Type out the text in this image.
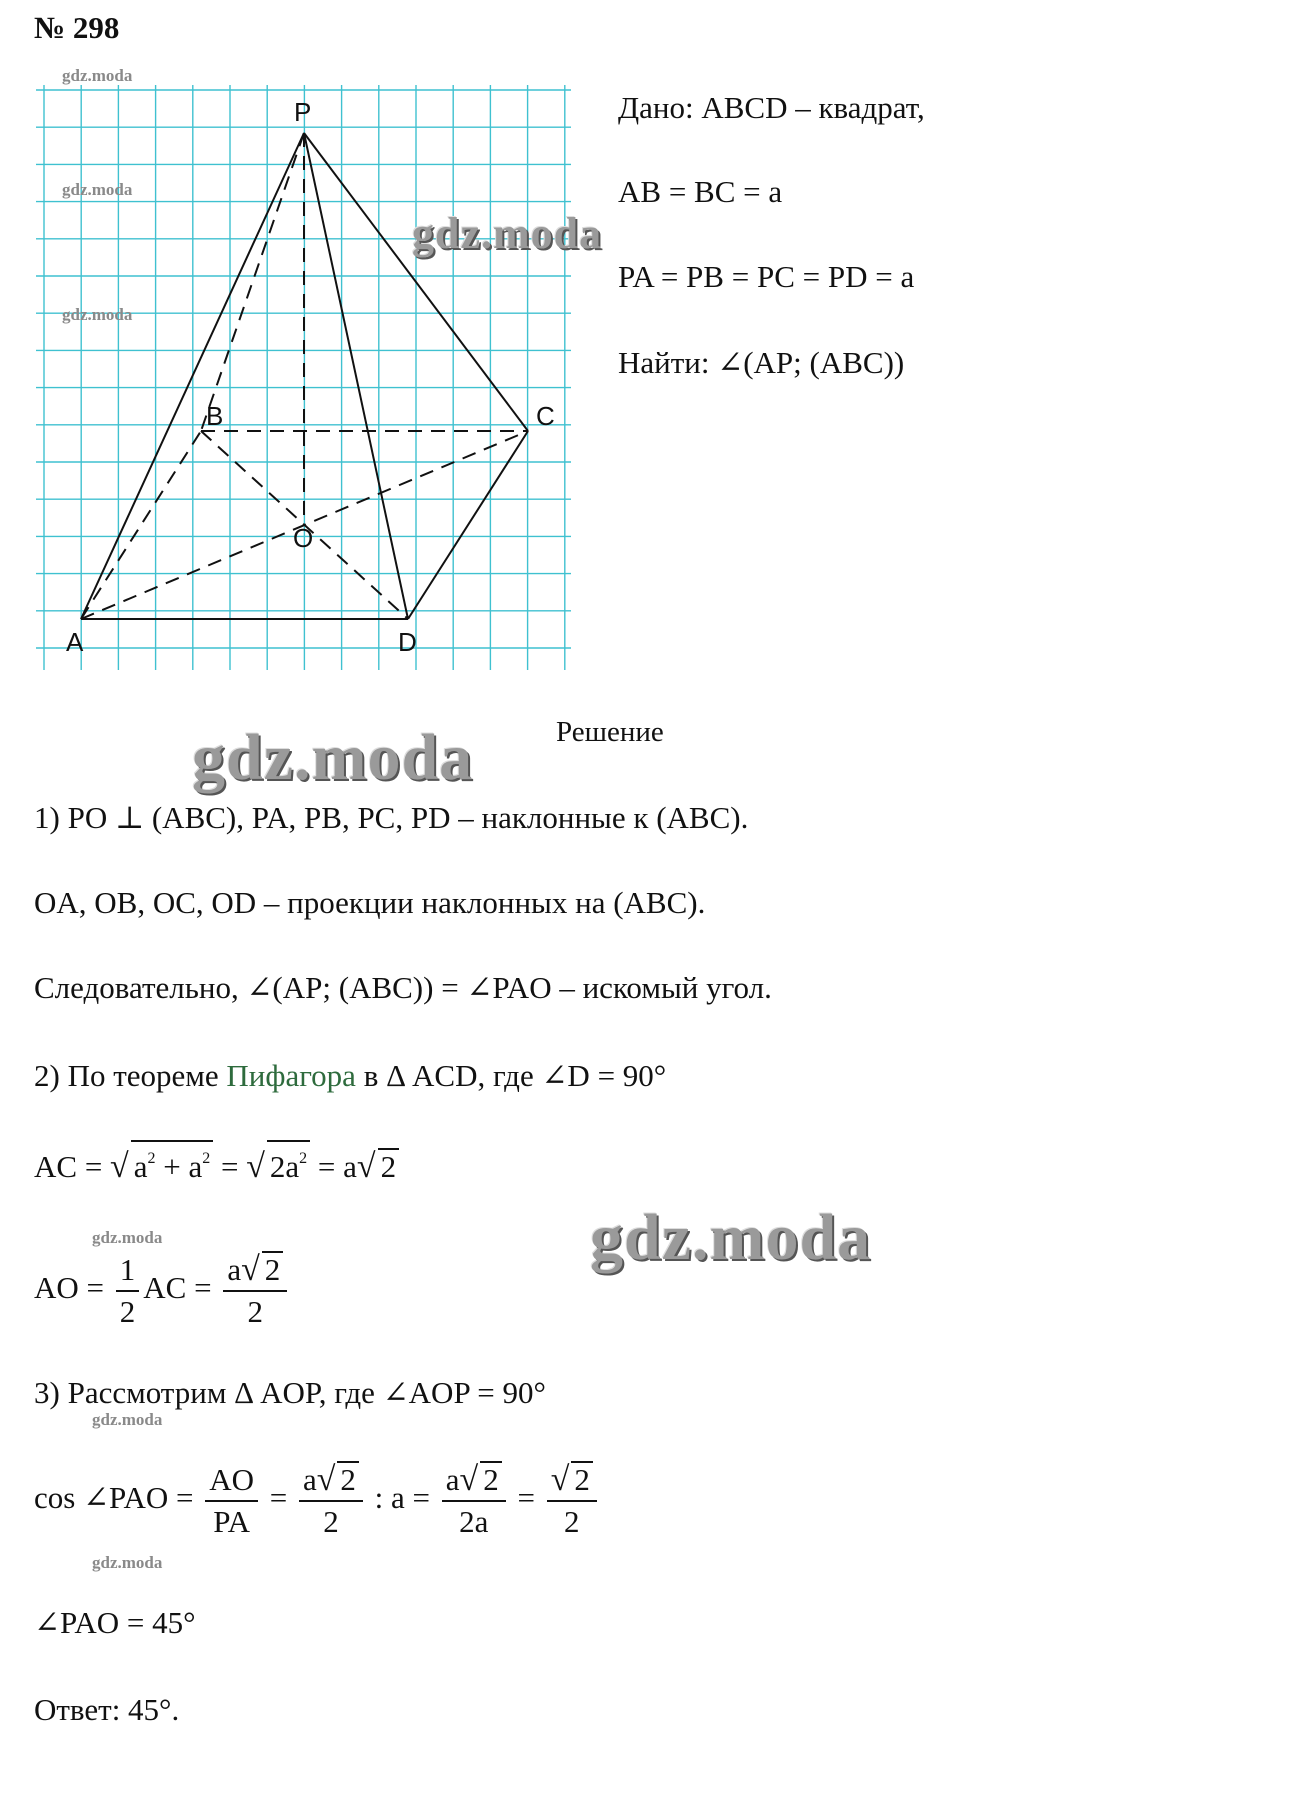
№ 298
P
A
B	C
D
O
gdz.moda
gdz.moda
gdz.moda
gdz.moda
Дано: ABCD – квадрат,
AB = BC = a
PA = PB = PC = PD = a
Найти: ∠(AP; (ABC))
Решение
gdz.moda
1) PO ⊥ (ABC), PA, PB, PC, PD – наклонные к (ABC).
OA, OB, OC, OD – проекции наклонных на (ABC).
Следовательно, ∠(AP; (ABC)) = ∠PAO – искомый угол.
2) По теореме Пифагора в Δ ACD, где ∠D = 90°
AC = √ $a^2 + a^2$ = √ $2a^2 = a√$ 2
gdz.moda	gdz.moda
AO = $\frac{1}{2}$ AC = $\frac{a√ 2}{2}$
3) Рассмотрим Δ AOP, где ∠AOP = 90°
gdz.moda
cos ∠PAO = $\frac{AO}{PA} = \frac{a√ 2}{2}$ : $a = \frac{a√ 2}{2a} = \frac{√ 2}{2}$
gdz.moda
∠PAO = 45°
Ответ: 45°.
